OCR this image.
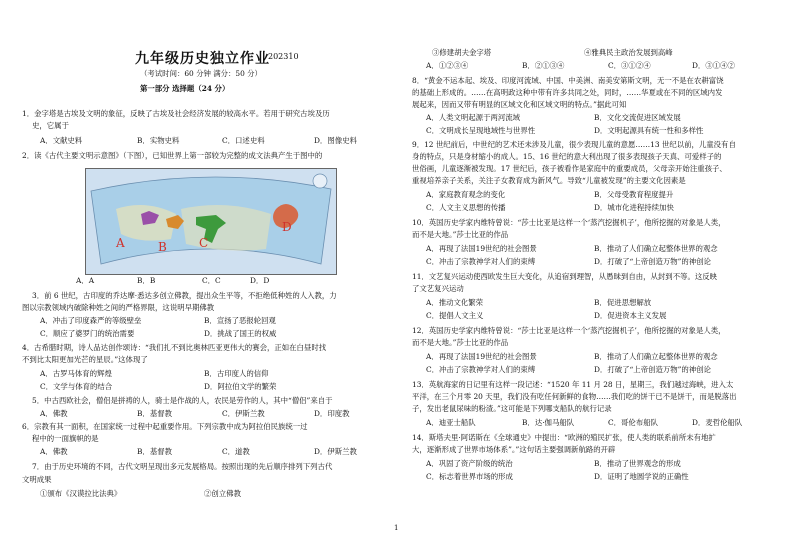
九年级历史独立作业
202310
（考试时间：60 分钟 满分：50 分）
第一部分 选择题（24 分）
1．金字塔是古埃及文明的象征，反映了古埃及社会经济发展的较高水平。若用于研究古埃及历
史，它属于
A．文献史料	B．实物史料	C．口述史料	D．图像史料
2．读《古代主要文明示意图》（下图），已知世界上第一部较为完整的成文法典产生于图中的
A	B	C
D
A．A	B．B	C．C	D．D
3．前 6 世纪，古印度的乔达摩·悉达多创立佛教，提出众生平等，不拒绝低种姓的人入教，力
图以宗教领域内破除种姓之间的严格界限，这说明早期佛教
A．冲击了印度森严的等级壁垒	B．宣扬了恶报轮回观
C．顺应了婆罗门的统治需要	D．挑战了国王的权威
4．古希腊时期，诗人品达创作颂诗：“我们扎不到比奥林匹亚更伟大的赛会，正如在白昼时找
不到比太阳更加光芒的星辰。”这体现了
A．古罗马体育的辉煌	B．古印度人的信仰
C．文学与体育的结合	D．阿拉伯文学的繁荣
5．中古西欧社会，僧侣是拼祷的人，骑士是作战的人，农民是劳作的人，其中“僧侣”来自于
A．佛教	B．基督教	C．伊斯兰教	D．印度教
6．宗教有其一面积，在国家统一过程中起重要作用。下列宗教中成为阿拉伯民族统一过
程中的一面旗帜的是
A．佛教	B．基督教	C．道教	D．伊斯兰教
7．由于历史环境的不同，古代文明呈现出多元发展格局。按照出现的先后顺序排列下列古代
文明成果
①颁布《汉谟拉比法典》	②创立佛教
③修建胡夫金字塔	④雅典民主政治发展到高峰
A．①②③④	B．②①③④	C．③①②④	D．③①④②
8．“黄金不运本起、埃及、印度河流域、中国、中美洲、南美安第斯文明，无一不是在农耕富饶
的基础上形成的。……在高明政这种中带有许多共同之处，同时，……华夏或在不同的区域内发
展起来，因而又带有明显的区域文化和区域文明的特点。”据此可知
A．人类文明起源于两河流域	B．文化交流促进区域发展
C．文明成长呈现地域性与世界性	D．文明起源具有统一性和多样性
9．12 世纪前后，中世纪的艺术还未涉及儿童，很少表现儿童的意愿……13 世纪以前，儿童没有自
身的特点，只是身材缩小的成人。15、16 世纪的意大利出现了很多表现孩子天真、可爱样子的
世俗画，儿童逐渐被发现。17 世纪后，孩子被看作是家庭中的重要成员，父母亲开始注重孩子、
重视培养亲子关系，关注子女教育成为新风气。导致“儿童被发现”的主要文化因素是
A．家庭教育观念的变化	B．父母受教育程度提升
C．人文主义思想的传播	D．城市化进程持续加快
10．英国历史学家内维特曾说：“莎士比亚是这样一个‘蒸汽挖掘机子’，他所挖掘的对象是人类，
而不是大地。”莎士比亚的作品
A．再现了法国19世纪的社会图景	B．推动了人们确立起整体世界的观念
C．冲击了宗教神学对人们的束缚	D．打破了“上帝创造万物”的神创论
11．文艺复兴运动使西欧发生巨大变化，从追宿到理智，从愚昧到自由，从封到不等。这反映
了文艺复兴运动
A．推动文化繁荣	B．促进思想解放
C．提倡人文主义	D．促进资本主义发展
12．英国历史学家内维特曾说：“莎士比亚是这样一个‘蒸汽挖掘机子’，他所挖掘的对象是人类，
而不是大地。”莎士比亚的作品
A．再现了法国19世纪的社会图景	B．推动了人们确立起整体世界的观念
C．冲击了宗教神学对人们的束缚	D．打破了“上帝创造万物”的神创论
13．英航海家的日记里有这样一段记述：“1520 年 11 月 28 日，星期三，我们越过海峡，进入太
平洋，在三个月零 20 天里，我们没有吃任何新鲜的食物……我们吃的饼干已不是饼干，而是脱落出
子，发出老鼠尿味的粉渣。”这可能是下列哪支船队的航行记录
A．迪亚士船队	B．达·伽马船队	C．哥伦布船队	D．麦哲伦船队
14．斯塔夫里·阿诺斯在《全球通史》中提出：“欧洲的殖民扩张，使人类的联系前所未有地扩
大，逐渐形成了世界市场体系”。”这句话主要强调新航路的开辟
A．巩固了资产阶级的统治	B．推动了世界观念的形成
C．标志着世界市场的形成	D．证明了地圆学说的正确性
1
